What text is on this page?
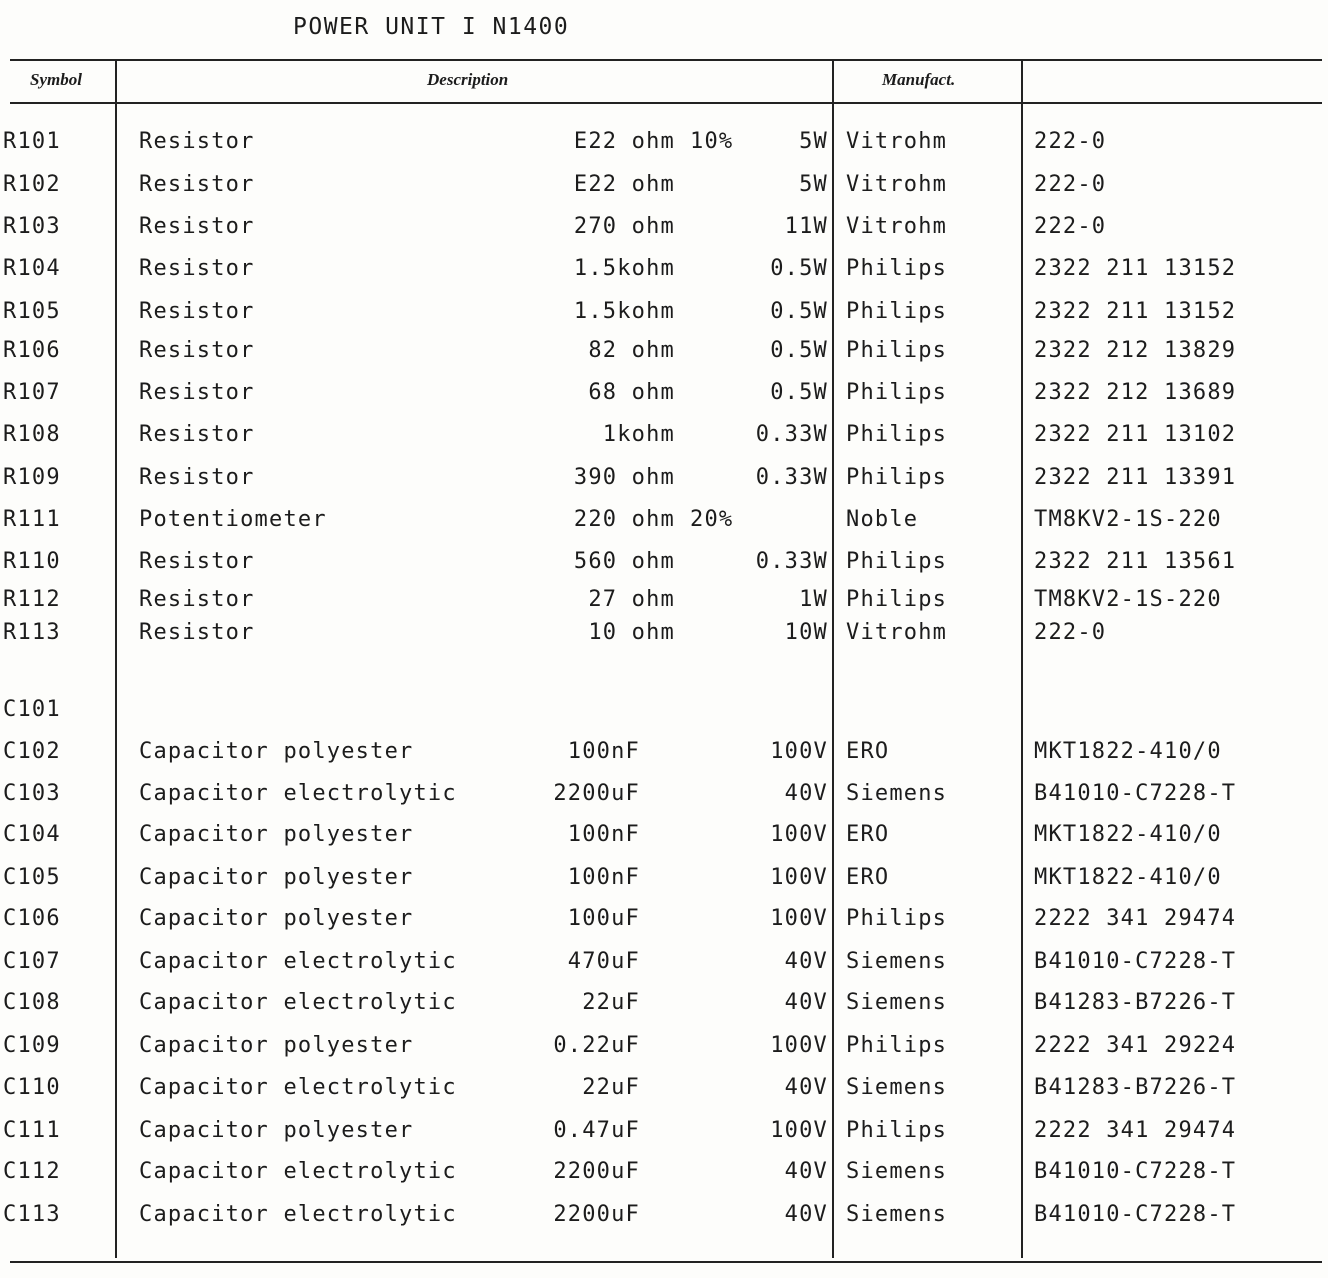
POWER UNIT I N1400
Symbol	Description	Manufact.
R101	Resistor	E22 ohm 10%	5W Vitrohm	222-0
R102	Resistor	E22 ohm	5W Vitrohm	222-0
R103	Resistor	270 ohm	11W Vitrohm	222-0
R104	Resistor	1.5kohm	0.5W Philips	2322 211 13152
R105	Resistor	1.5kohm	0.5W Philips	2322 211 13152
R106	Resistor	82 ohm	0.5W Philips	2322 212 13829
R107	Resistor	68 ohm	0.5W Philips	2322 212 13689
R108	Resistor	1kohm	0.33W Philips	2322 211 13102
R109	Resistor	390 ohm	0.33W Philips	2322 211 13391
R111	Potentiometer	220 ohm 20%	Noble	TM8KV2-1S-220
R110	Resistor	560 ohm	0.33W Philips	2322 211 13561
R112	Resistor	27 ohm	1W Philips	TM8KV2-1S-220
R113	Resistor	10 ohm	10W Vitrohm	222-0
C101
C102	Capacitor polyester	100nF	100V ERO	MKT1822-410/0
C103	Capacitor electrolytic	2200uF	40V Siemens	B41010-C7228-T
C104	Capacitor polyester	100nF	100V ERO	MKT1822-410/0
C105	Capacitor polyester	100nF	100V ERO	MKT1822-410/0
C106	Capacitor polyester	100uF	100V Philips	2222 341 29474
C107	Capacitor electrolytic	470uF	40V Siemens	B41010-C7228-T
C108	Capacitor electrolytic	22uF	40V Siemens	B41283-B7226-T
C109	Capacitor polyester	0.22uF	100V Philips	2222 341 29224
C110	Capacitor electrolytic	22uF	40V Siemens	B41283-B7226-T
C111	Capacitor polyester	0.47uF	100V Philips	2222 341 29474
C112	Capacitor electrolytic	2200uF	40V Siemens	B41010-C7228-T
C113	Capacitor electrolytic	2200uF	40V Siemens	B41010-C7228-T
